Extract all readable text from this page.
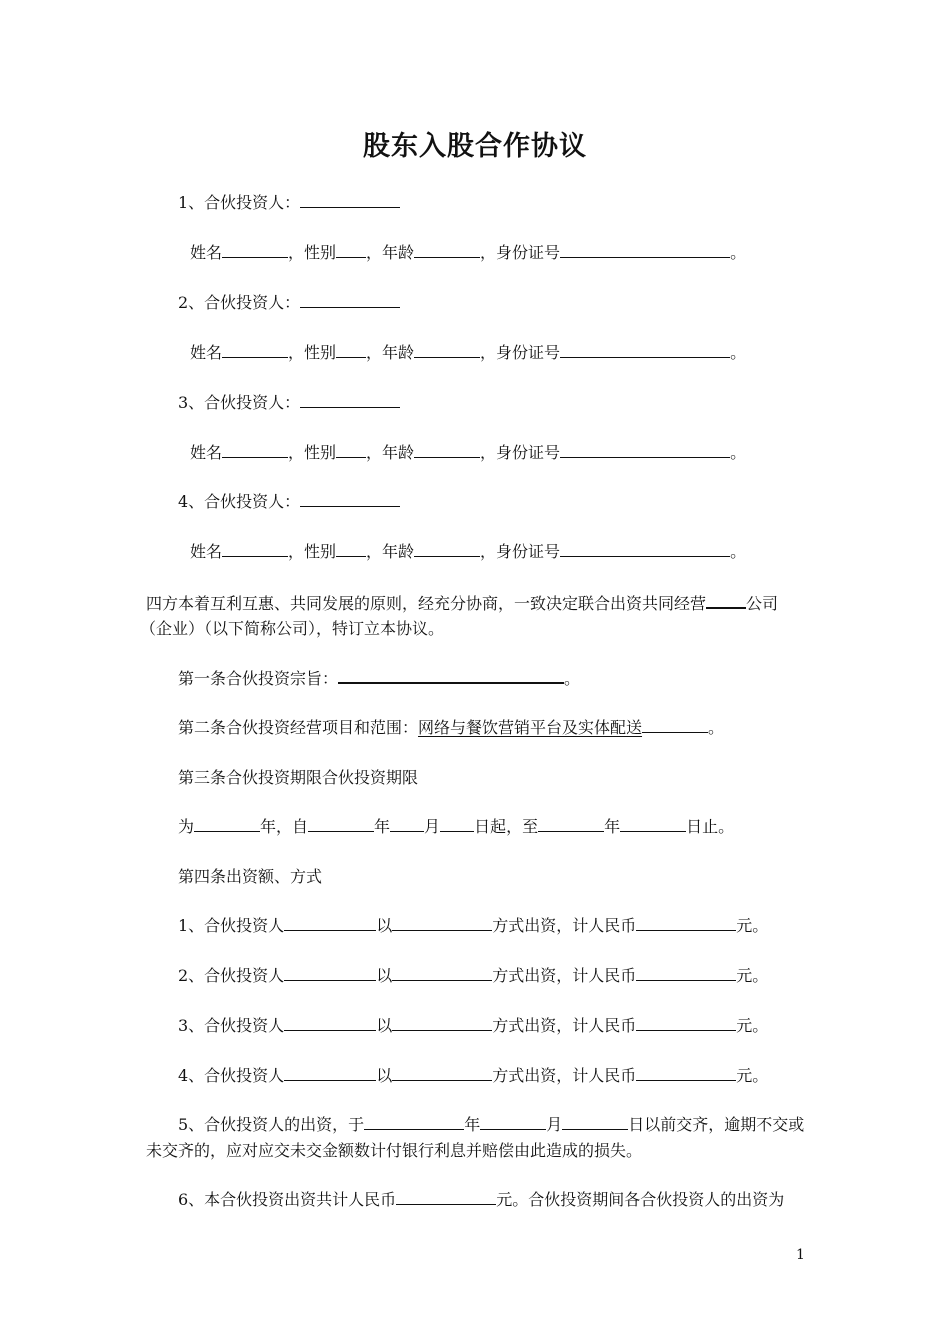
股东入股合作协议
1、合伙投资人：
姓名	，性别 ，年龄	，身份证号	。
2、合伙投资人：
姓名	，性别 ，年龄	，身份证号	。
3、合伙投资人：
姓名	，性别 ，年龄	，身份证号	。
4、合伙投资人：
姓名	，性别 ，年龄	，身份证号	。
四方本着互利互惠、共同发展的原则，经充分协商，一致决定联合出资共同经营	公司
（企业）（以下简称公司），特订立本协议。
第一条合伙投资宗旨：	。
第二条合伙投资经营项目和范围：网络与餐饮营销平台及实体配送	。
第三条合伙投资期限合伙投资期限
为	年，自	年 月 日起，至	年	日止。
第四条出资额、方式
1、合伙投资人	以	方式出资，计人民币	元。
2、合伙投资人	以	方式出资，计人民币	元。
3、合伙投资人	以	方式出资，计人民币	元。
4、合伙投资人	以	方式出资，计人民币	元。
5、合伙投资人的出资，于	年	月	日以前交齐，逾期不交或
未交齐的，应对应交未交金额数计付银行利息并赔偿由此造成的损失。
6、本合伙投资出资共计人民币	元。合伙投资期间各合伙投资人的出资为
1
